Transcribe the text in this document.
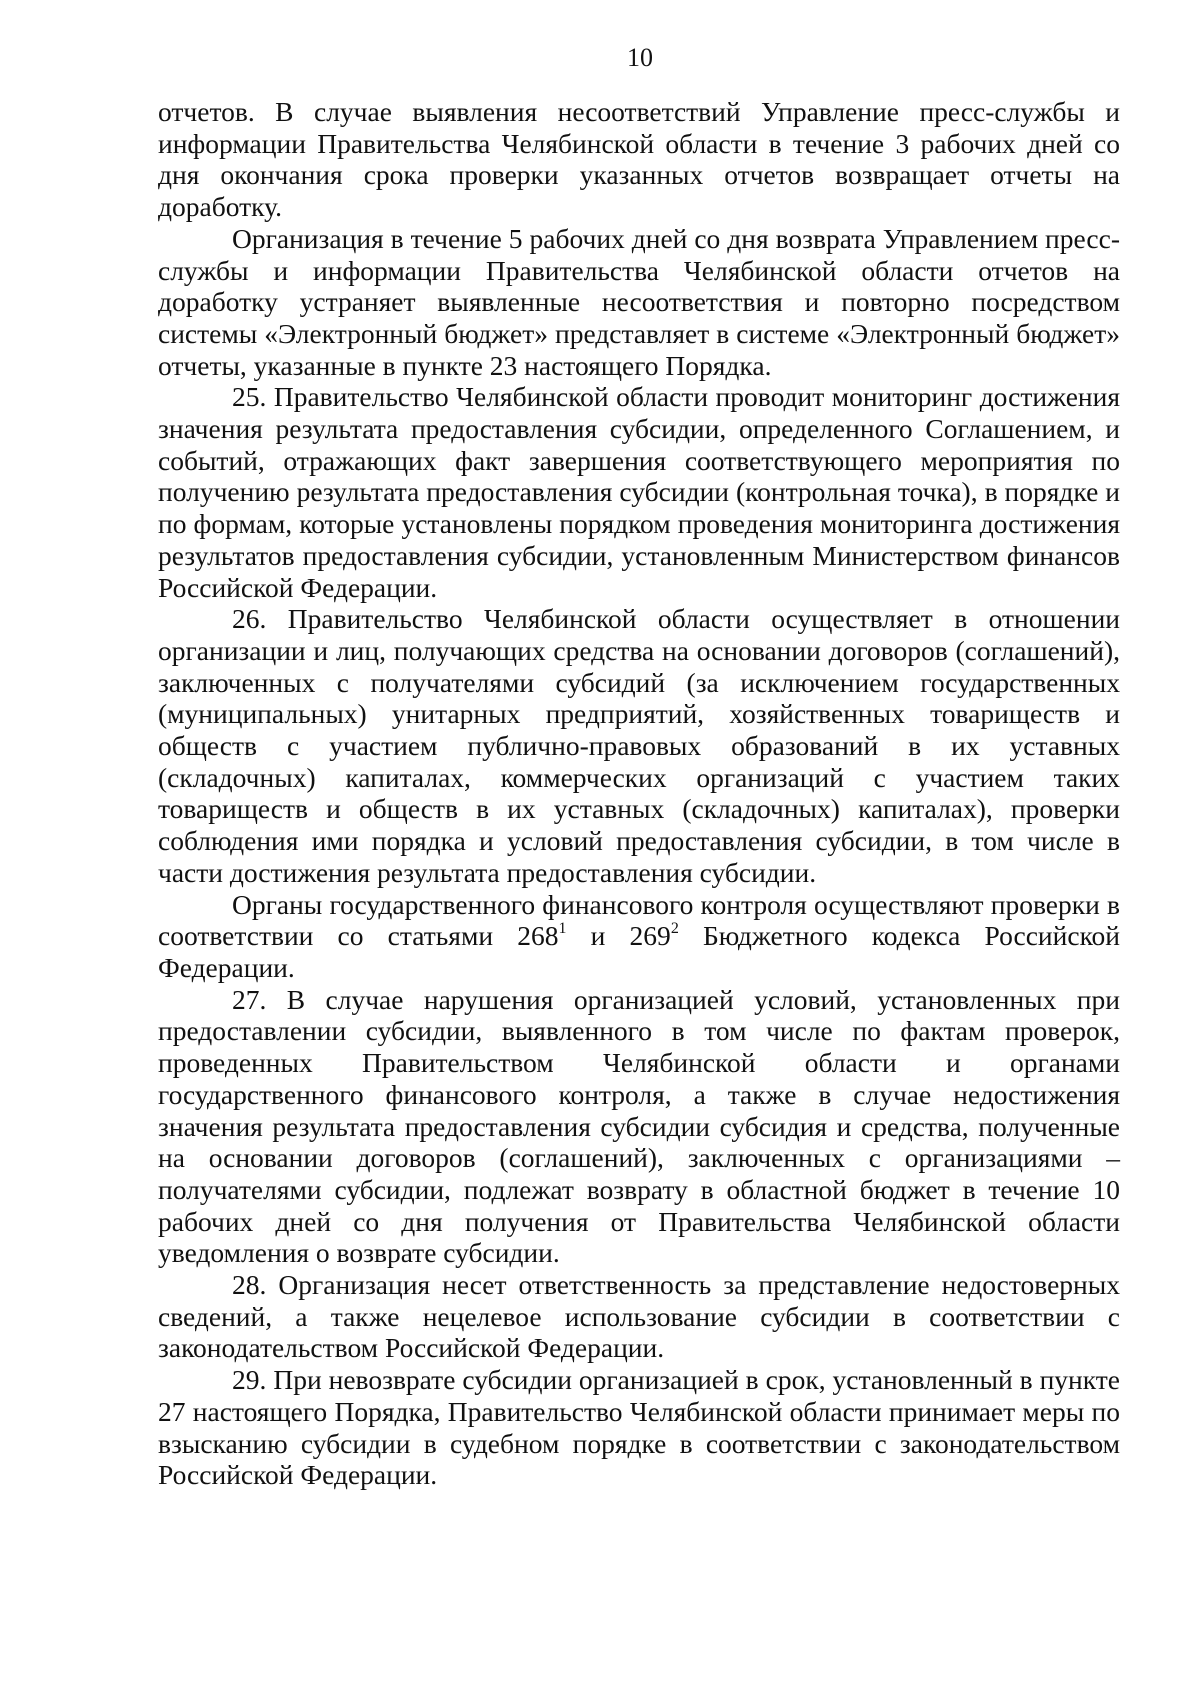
10

отчетов. В случае выявления несоответствий Управление пресс-службы и информации Правительства Челябинской области в течение 3 рабочих дней со дня окончания срока проверки указанных отчетов возвращает отчеты на доработку.

Организация в течение 5 рабочих дней со дня возврата Управлением пресс-службы и информации Правительства Челябинской области отчетов на доработку устраняет выявленные несоответствия и повторно посредством системы «Электронный бюджет» представляет в системе «Электронный бюджет» отчеты, указанные в пункте 23 настоящего Порядка.

25. Правительство Челябинской области проводит мониторинг достижения значения результата предоставления субсидии, определенного Соглашением, и событий, отражающих факт завершения соответствующего мероприятия по получению результата предоставления субсидии (контрольная точка), в порядке и по формам, которые установлены порядком проведения мониторинга достижения результатов предоставления субсидии, установленным Министерством финансов Российской Федерации.

26. Правительство Челябинской области осуществляет в отношении организации и лиц, получающих средства на основании договоров (соглашений), заключенных с получателями субсидий (за исключением государственных (муниципальных) унитарных предприятий, хозяйственных товариществ и обществ с участием публично-правовых образований в их уставных (складочных) капиталах, коммерческих организаций с участием таких товариществ и обществ в их уставных (складочных) капиталах), проверки соблюдения ими порядка и условий предоставления субсидии, в том числе в части достижения результата предоставления субсидии.

Органы государственного финансового контроля осуществляют проверки в соответствии со статьями $268^1$ и $269^2$ Бюджетного кодекса Российской Федерации.

27. В случае нарушения организацией условий, установленных при предоставлении субсидии, выявленного в том числе по фактам проверок, проведенных Правительством Челябинской области и органами государственного финансового контроля, а также в случае недостижения значения результата предоставления субсидии субсидия и средства, полученные на основании договоров (соглашений), заключенных с организациями – получателями субсидии, подлежат возврату в областной бюджет в течение 10 рабочих дней со дня получения от Правительства Челябинской области уведомления о возврате субсидии.

28. Организация несет ответственность за представление недостоверных сведений, а также нецелевое использование субсидии в соответствии с законодательством Российской Федерации.

29. При невозврате субсидии организацией в срок, установленный в пункте 27 настоящего Порядка, Правительство Челябинской области принимает меры по взысканию субсидии в судебном порядке в соответствии с законодательством Российской Федерации.
